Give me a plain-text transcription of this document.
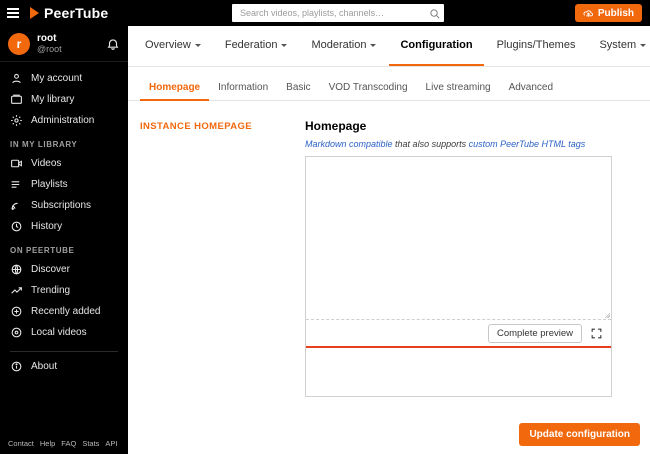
PeerTube
Search videos, playlists, channels…	Publish
r	root
@root
My account
My library
Administration
IN MY LIBRARY
Videos
Playlists
Subscriptions
History
ON PEERTUBE
Discover
Trending
Recently added
Local videos
About
Contact Help FAQ Stats API
Overview	Federation	Moderation	Configuration Plugins/Themes System
Homepage	Information	Basic	VOD Transcoding	Live streaming	Advanced
INSTANCE HOMEPAGE	Homepage
Markdown compatible that also supports custom PeerTube HTML tags
Complete preview
Update configuration
